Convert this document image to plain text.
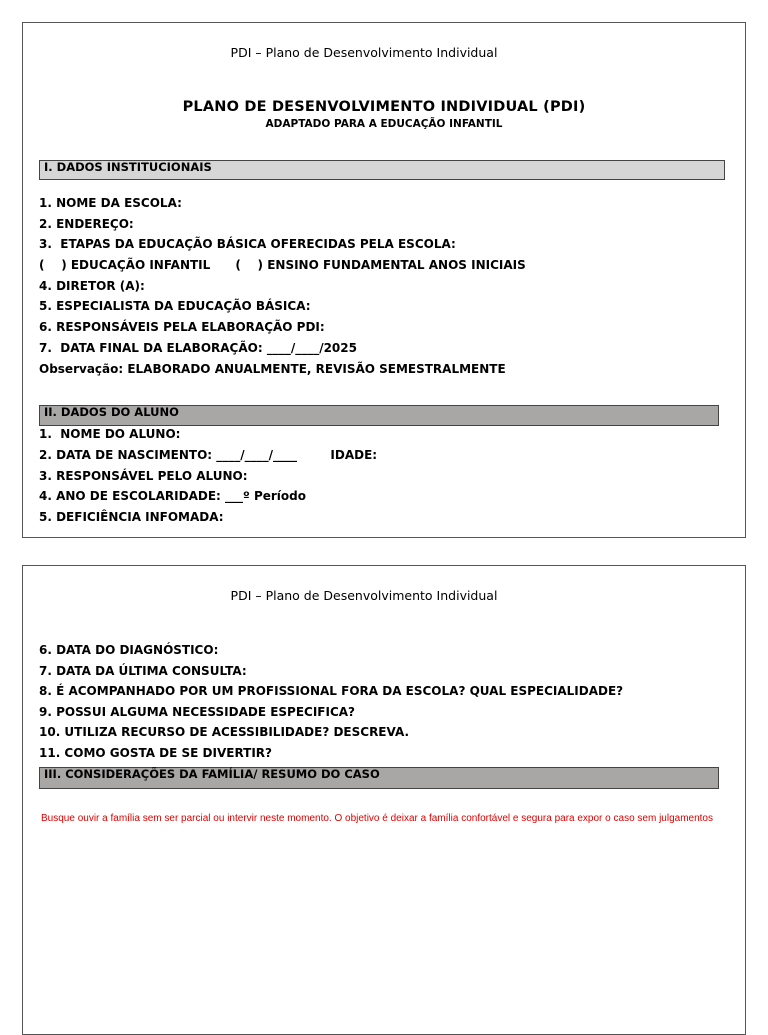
PDI – Plano de Desenvolvimento Individual
PLANO DE DESENVOLVIMENTO INDIVIDUAL (PDI)
ADAPTADO PARA A EDUCAÇÃO INFANTIL
I. DADOS INSTITUCIONAIS
1. NOME DA ESCOLA:
2. ENDEREÇO:
3.  ETAPAS DA EDUCAÇÃO BÁSICA OFERECIDAS PELA ESCOLA:
(    ) EDUCAÇÃO INFANTIL      (    ) ENSINO FUNDAMENTAL ANOS INICIAIS
4. DIRETOR (A):
5. ESPECIALISTA DA EDUCAÇÃO BÁSICA:
6. RESPONSÁVEIS PELA ELABORAÇÃO PDI:
7.  DATA FINAL DA ELABORAÇÃO: ____/____/2025
Observação: ELABORADO ANUALMENTE, REVISÃO SEMESTRALMENTE
II. DADOS DO ALUNO
1.  NOME DO ALUNO:
2. DATA DE NASCIMENTO: ____/____/____        IDADE:
3. RESPONSÁVEL PELO ALUNO:
4. ANO DE ESCOLARIDADE: ___º Período
5. DEFICIÊNCIA INFOMADA:
PDI – Plano de Desenvolvimento Individual
6. DATA DO DIAGNÓSTICO:
7. DATA DA ÚLTIMA CONSULTA:
8. É ACOMPANHADO POR UM PROFISSIONAL FORA DA ESCOLA? QUAL ESPECIALIDADE?
9. POSSUI ALGUMA NECESSIDADE ESPECIFICA?
10. UTILIZA RECURSO DE ACESSIBILIDADE? DESCREVA.
11. COMO GOSTA DE SE DIVERTIR?
III. CONSIDERAÇÕES DA FAMÍLIA/ RESUMO DO CASO
Busque ouvir a família sem ser parcial ou intervir neste momento. O objetivo é deixar a família confortável e segura para expor o caso sem julgamentos
